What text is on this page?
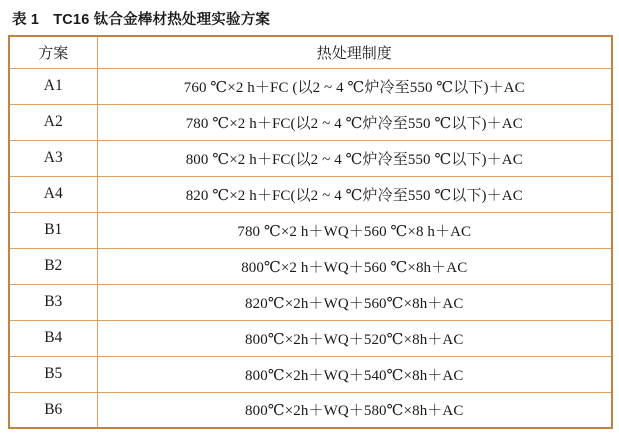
表 1 TC16 钛合金棒材热处理实验方案
方案	热处理制度
A1	760 ℃×2 h＋FC (以2 ~ 4 ℃炉冷至550 ℃以下)＋AC
A2	780 ℃×2 h＋FC(以2 ~ 4 ℃炉冷至550 ℃以下)＋AC
A3	800 ℃×2 h＋FC(以2 ~ 4 ℃炉冷至550 ℃以下)＋AC
A4	820 ℃×2 h＋FC(以2 ~ 4 ℃炉冷至550 ℃以下)＋AC
B1	780 ℃×2 h＋WQ＋560 ℃×8 h＋AC
B2	800℃×2 h＋WQ＋560 ℃×8h＋AC
B3	820℃×2h＋WQ＋560℃×8h＋AC
B4	800℃×2h＋WQ＋520℃×8h＋AC
B5	800℃×2h＋WQ＋540℃×8h＋AC
B6	800℃×2h＋WQ＋580℃×8h＋AC
